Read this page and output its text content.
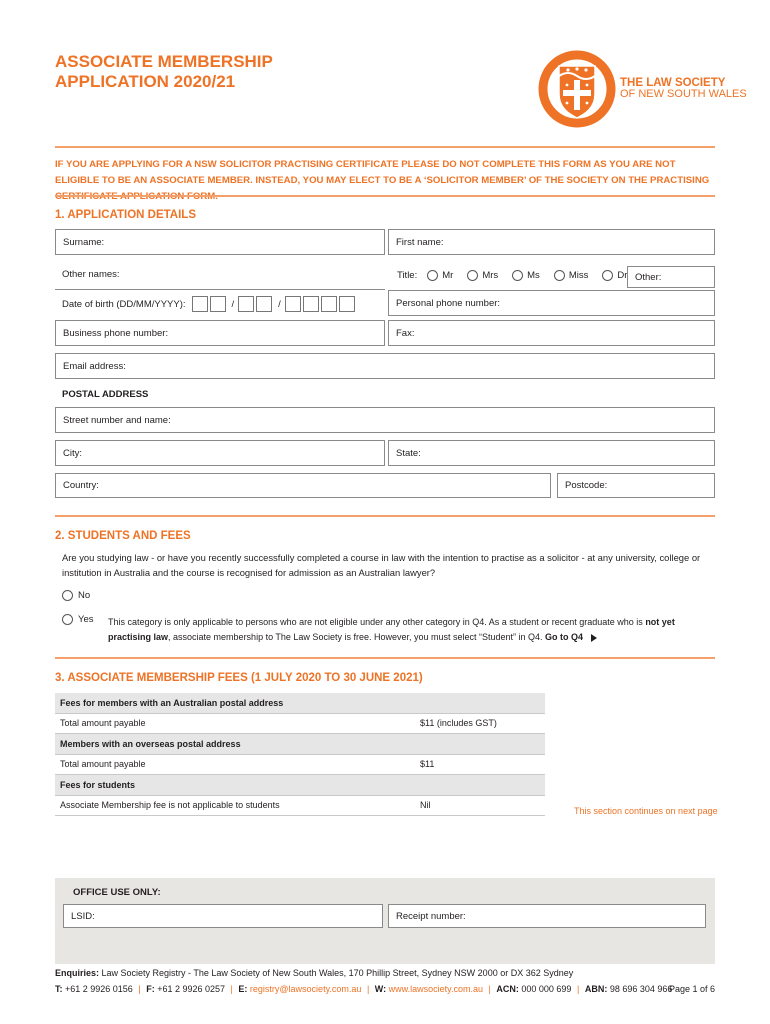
ASSOCIATE MEMBERSHIP
APPLICATION 2020/21	THE LAW SOCIETY
OF NEW SOUTH WALES
IF YOU ARE APPLYING FOR A NSW SOLICITOR PRACTISING CERTIFICATE PLEASE DO NOT COMPLETE THIS FORM AS YOU ARE NOT ELIGIBLE TO BE AN ASSOCIATE MEMBER. INSTEAD, YOU MAY ELECT TO BE A ‘SOLICITOR MEMBER’ OF THE SOCIETY ON THE PRACTISING
1. APPLICATION DETAILS
Surname:	First name:
Other names:	Title:	Mr	Mrs	Ms	Miss	Dr Other:
Date of birth (DD/MM/YYYY):	/	/	Personal phone number:
Business phone number:	Fax:
Email address:
POSTAL ADDRESS
Street number and name:
City:	State:
Country:	Postcode:
2. STUDENTS AND FEES
Are you studying law - or have you recently successfully completed a course in law with the intention to practise as a solicitor - at any university, college or institution in Australia and the course is recognised for admission as an Australian lawyer?
No
Yes This category is only applicable to persons who are not eligible under any other category in Q4. As a student or recent graduate who is not yet practising law, associate membership to The Law Society is free. However, you must select “Student” in Q4. Go to Q4
3. ASSOCIATE MEMBERSHIP FEES (1 JULY 2020 TO 30 JUNE 2021)
Fees for members with an Australian postal address
Total amount payable	$11 (includes GST)
Members with an overseas postal address
Total amount payable	$11
Fees for students
Associate Membership fee is not applicable to students	Nil
This section continues on next page
OFFICE USE ONLY:
LSID:	Receipt number:
Enquiries: Law Society Registry - The Law Society of New South Wales, 170 Phillip Street, Sydney NSW 2000 or DX 362 Sydney
T: +61 2 9926 0156 | F: +61 2 9926 0257 | E: registry@lawsociety.com.au | W: www.lawsociety.com.au | ACN: 000 000 699 | ABN: 98 696 304 966
Page 1 of 6
